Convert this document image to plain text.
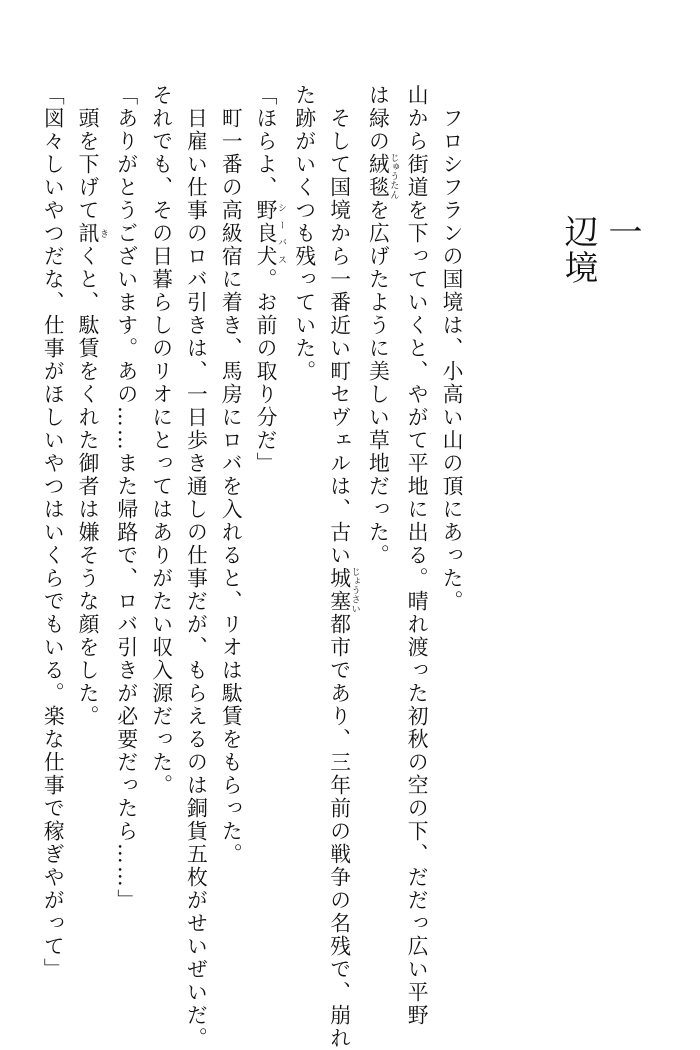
一
辺境
　フロシフランの国境は、小高い山の頂にあった。
山から街道を下っていくと、やがて平地に出る。晴れ渡った初秋の空の下、だだっ広い平野
は緑の絨毯 じゅうたんを広げたように美しい草地だった。
　そして国境から一番近い町セヴェルは、古い城塞 じょうさい都市であり、三年前の戦争の名残で、崩れ
た跡がいくつも残っていた。
「ほらよ、野良犬 シーバス。お前の取り分だ」
　町一番の高級宿に着き、馬房にロバを入れると、リオは駄賃をもらった。
　日雇い仕事のロバ引きは、一日歩き通しの仕事だが、もらえるのは銅貨五枚がせいぜいだ。
それでも、その日暮らしのリオにとってはありがたい収入源だった。
「ありがとうございます。あの……また帰路で、ロバ引きが必要だったら……」
　頭を下げて訊 きくと、駄賃をくれた御者は嫌そうな顔をした。
「図々しいやつだな、仕事がほしいやつはいくらでもいる。楽な仕事で稼ぎやがって」
